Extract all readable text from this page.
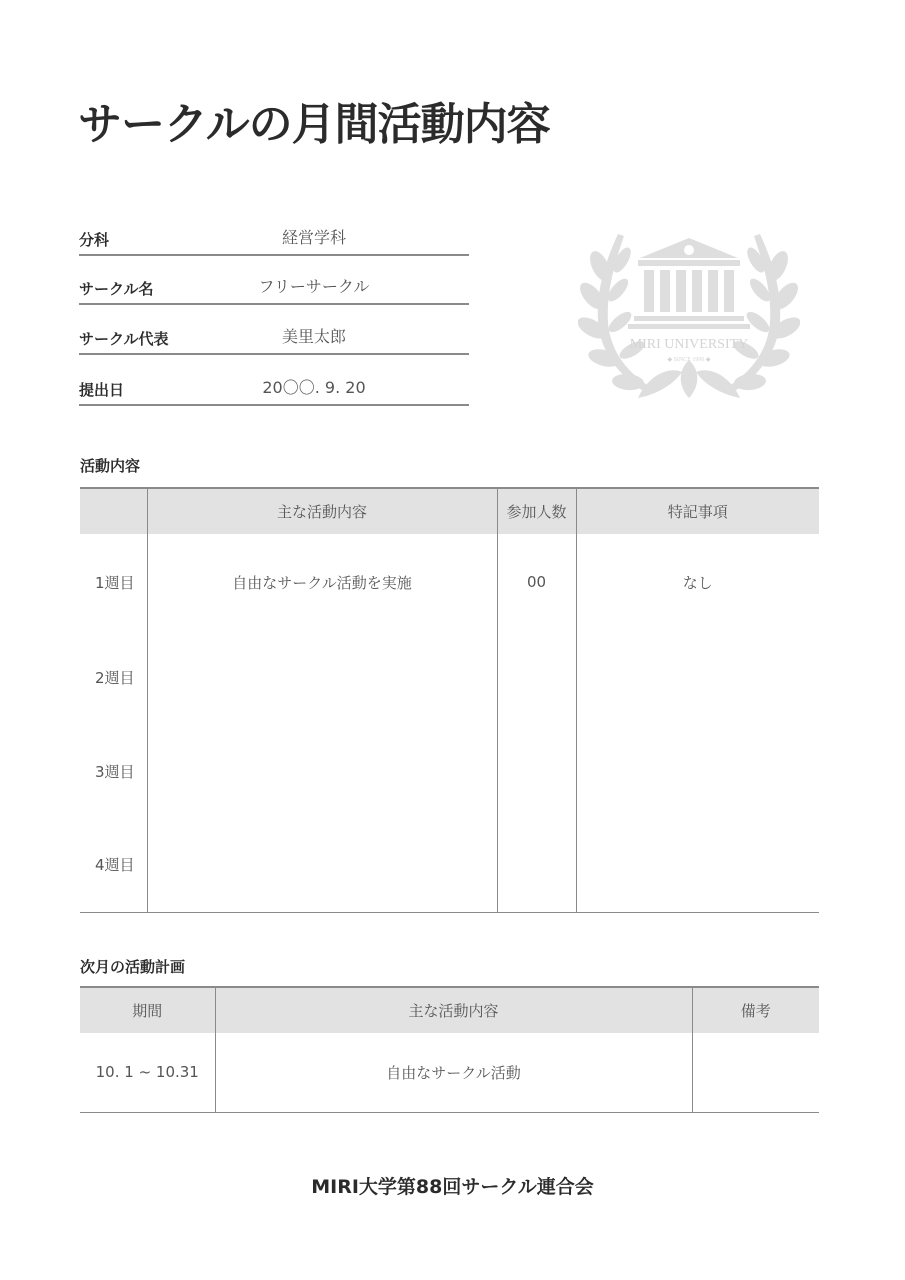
サークルの月間活動内容
分科	経営学科
サークル名	フリーサークル
サークル代表	美里太郎
提出日	20〇〇. 9. 20
MIRI UNIVERSITY
◆ SINCE 1996 ◆
活動内容
	主な活動内容	参加人数	特記事項
1週目	自由なサークル活動を実施	00	なし
2週目			
3週目			
4週目			
次月の活動計画
期間	主な活動内容	備考
10. 1 ~ 10.31	自由なサークル活動	
MIRI大学第88回サークル連合会
